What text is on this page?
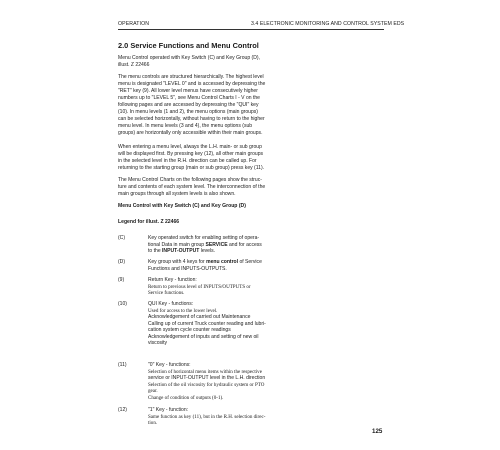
OPERATION	3.4 ELECTRONIC MONITORING AND CONTROL SYSTEM EDS
2.0 Service Functions and Menu Control
Menu Control operated with Key Switch (C) and Key Group (D),
illust. Z 22466
The menu controls are structured hierarchically. The highest level
menu is designated "LEVEL 0" and is accessed by depressing the
"RET" key (9). All lower level menus have consecutively higher
numbers up to "LEVEL 5", see Menu Control Charts I - V on the
following pages and are accessed by depressing the "QUI" key
(10). In menu levels (1 and 2), the menu options (main groups)
can be selected horizontally, without having to return to the higher
menu level. In menu levels (3 and 4), the menu options (sub
groups) are horizontally only accessible within their main groups.
When entering a menu level, always the L.H. main- or sub group
will be displayed first. By pressing key (12), all other main groups
in the selected level in the R.H. direction can be called up. For
returning to the starting group (main or sub group) press key (11).
The Menu Control Charts on the following pages show the struc-
ture and contents of each system level. The interconnection of the
main groups through all system levels is also shown.
Menu Control with Key Switch (C) and Key Group (D)
Legend for illust. Z 22466
(C)	Key operated switch for enabling setting of opera-
tional Data in main group SERVICE and for access
to the INPUT-OUTPUT levels.
(D)	Key group with 4 keys for menu control of Service
Functions and INPUTS-OUTPUTS.
(9)	Return Key - function:
Return to previous level of INPUTS/OUTPUTS or
Service functions.
(10)	QUI Key - functions:
Used for access to the lower level.
Acknowledgement of carried out Maintenance
Calling up of current Truck counter reading and lubri-
cation system cycle counter readings
Acknowledgement of inputs and setting of new oil
viscosity
(11)	"0" Key - functions:
Selection of horizontal menu items within the respective
service or INPUT-OUTPUT level in the L.H. direction
Selection of the oil viscosity for hydraulic system or PTO
gear.
Change of condition of outputs (0-1).
(12)	"1" Key - function:
Same function as key (11), but in the R.H. selection direc-
tion.
125
